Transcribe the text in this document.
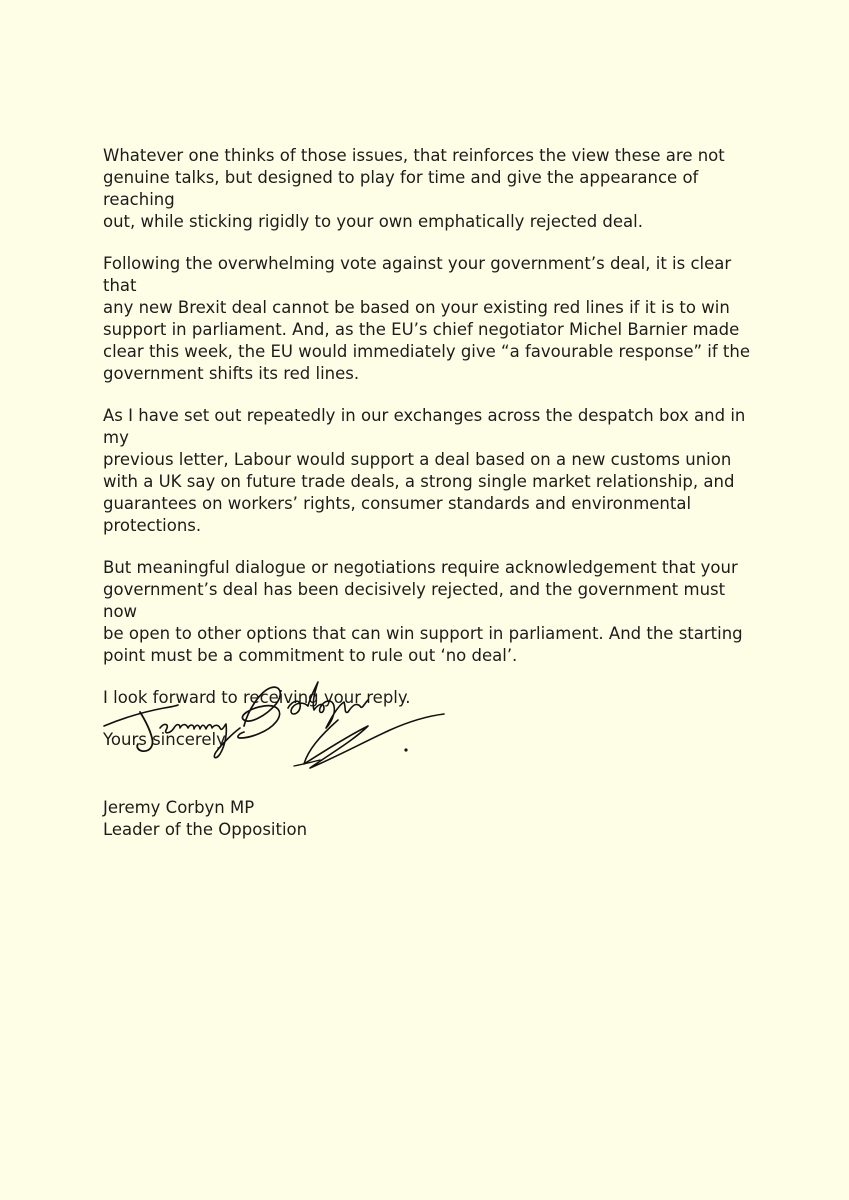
Whatever one thinks of those issues, that reinforces the view these are not
genuine talks, but designed to play for time and give the appearance of reaching
out, while sticking rigidly to your own emphatically rejected deal.

Following the overwhelming vote against your government’s deal, it is clear that
any new Brexit deal cannot be based on your existing red lines if it is to win
support in parliament. And, as the EU’s chief negotiator Michel Barnier made
clear this week, the EU would immediately give “a favourable response” if the
government shifts its red lines.

As I have set out repeatedly in our exchanges across the despatch box and in my
previous letter, Labour would support a deal based on a new customs union
with a UK say on future trade deals, a strong single market relationship, and
guarantees on workers’ rights, consumer standards and environmental
protections.

But meaningful dialogue or negotiations require acknowledgement that your
government’s deal has been decisively rejected, and the government must now
be open to other options that can win support in parliament. And the starting
point must be a commitment to rule out ‘no deal’.

I look forward to receiving your reply.

Yours sincerely

Jeremy Corbyn MP
Leader of the Opposition
